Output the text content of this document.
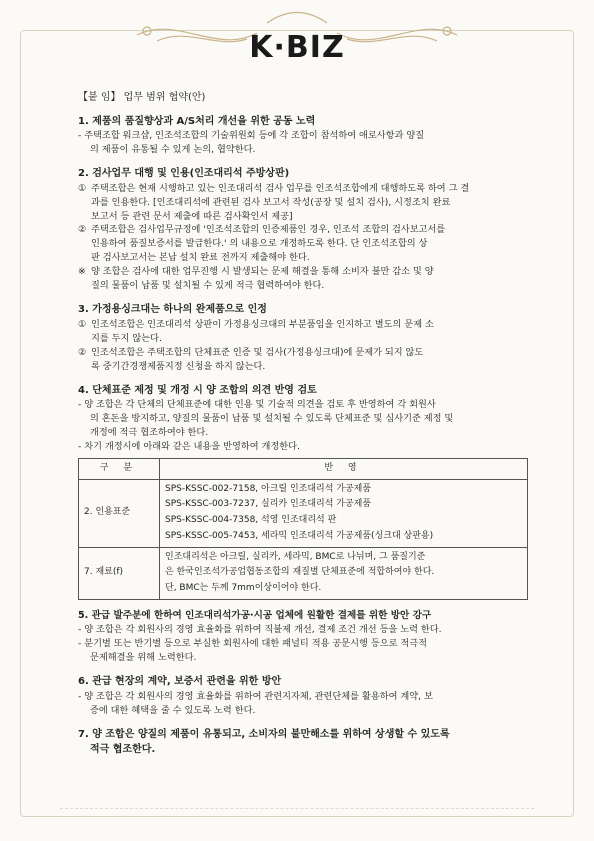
K·BIZ
【붙 임】 업무 범위 협약(안)
1. 제품의 품질향상과 A/S처리 개선을 위한 공동 노력
- 주택조합 워크샵, 인조석조합의 기술위원회 등에 각 조합이 참석하여 애로사항과 양질
의 제품이 유통될 수 있게 논의, 협약한다.
2. 검사업무 대행 및 인용(인조대리석 주방상판)
① 주택조합은 현재 시행하고 있는 인조대리석 검사 업무를 인조석조합에게 대행하도록 하여 그 결
과를 인용한다. [인조대리석에 관련된 검사 보고서 작성(공장 및 설치 검사), 시정조치 완료
보고서 등 관련 문서 제출에 따른 검사확인서 제공]
② 주택조합은 검사업무규정에 '인조석조합의 인증제품인 경우, 인조석 조합의 검사보고서를
인용하여 품질보증서를 발급한다.' 의 내용으로 개정하도록 한다. 단 인조석조합의 상
판 검사보고서는 본납 설치 완료 전까지 제출해야 한다.
※ 양 조합은 검사에 대한 업무진행 시 발생되는 문제 해결을 통해 소비자 불만 감소 및 양
질의 물품이 납품 및 설치될 수 있게 적극 협력하여야 한다.
3. 가정용싱크대는 하나의 완제품으로 인정
① 인조석조합은 인조대리석 상판이 가정용싱크대의 부분품임을 인지하고 별도의 문제 소
지를 두지 않는다.
② 인조석조합은 주택조합의 단체표준 인증 및 검사(가정용싱크대)에 문제가 되지 않도
록 중기간경쟁제품지정 신청을 하지 않는다.
4. 단체표준 제정 및 개정 시 양 조합의 의견 반영 검토
- 양 조합은 각 단체의 단체표준에 대한 인용 및 기술적 의견을 검토 후 반영하여 각 회원사
의 혼돈을 방지하고, 양질의 물품이 납품 및 설치될 수 있도록 단체표준 및 심사기준 제정 및
개정에 적극 협조하여야 한다.
- 차기 개정시에 아래와 같은 내용을 반영하여 개정한다.
구 분	반 영
2. 인용표준	SPS-KSSC-002-7158, 아크릴 인조대리석 가공제품
SPS-KSSC-003-7237, 실리카 인조대리석 가공제품
SPS-KSSC-004-7358, 석영 인조대리석 판
SPS-KSSC-005-7453, 세라믹 인조대리석 가공제품(싱크대 상판용)

7. 재료(f)	인조대리석은 아크릴, 실리카, 세라믹, BMC로 나뉘며, 그 품질기준
은 한국인조석가공업협동조합의 재질별 단체표준에 적합하여야 한다.
단, BMC는 두께 7mm이상이어야 한다.
5. 관급 발주분에 한하여 인조대리석가공·시공 업체에 원활한 결제를 위한 방안 강구
- 양 조합은 각 회원사의 경영 효율화를 위하여 직불제 개선, 결제 조건 개선 등을 노력 한다.
- 분기별 또는 반기별 등으로 부실한 회원사에 대한 패널티 적용 공문시행 등으로 적극적
문제해결을 위해 노력한다.
6. 관급 현장의 계약, 보증서 관련을 위한 방안
- 양 조합은 각 회원사의 경영 효율화를 위하여 관련지자체, 관련단체를 활용하여 계약, 보
증에 대한 혜택을 줄 수 있도록 노력 한다.
7. 양 조합은 양질의 제품이 유통되고, 소비자의 불만해소를 위하여 상생할 수 있도록
적극 협조한다.
